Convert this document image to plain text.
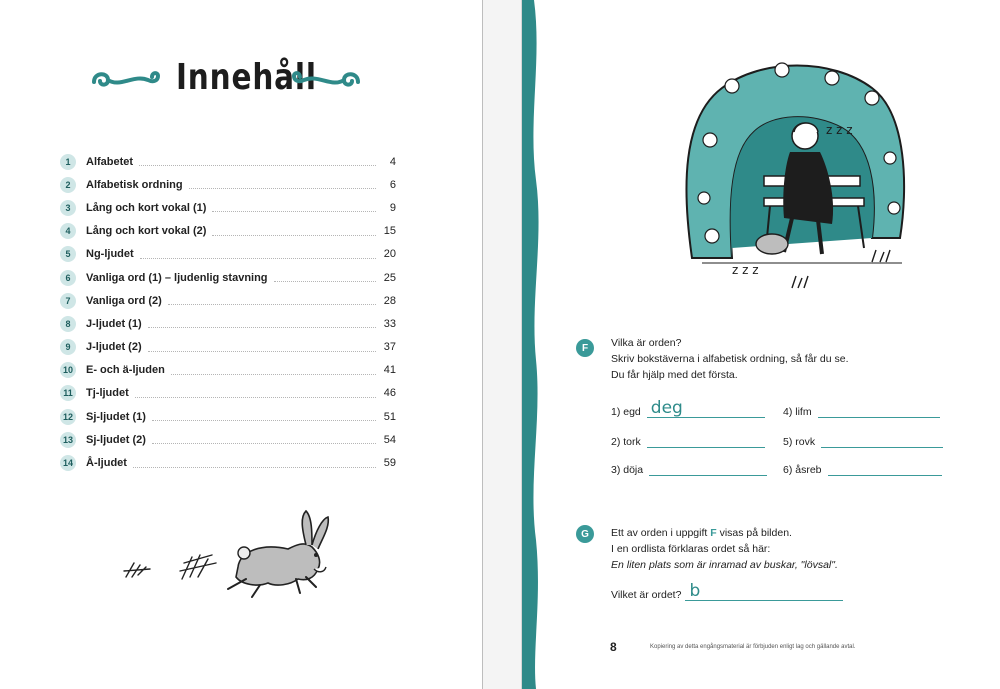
Innehåll
1	Alfabetet	4
2	Alfabetisk ordning	6
3	Lång och kort vokal (1)	9
4	Lång och kort vokal (2)	15
5	Ng-ljudet	20
6	Vanliga ord (1) – ljudenlig stavning	25
7	Vanliga ord (2)	28
8	J-ljudet (1)	33
9	J-ljudet (2)	37
10 E- och ä-ljuden	41
11 Tj-ljudet	46
12 Sj-ljudet (1)	51
13 Sj-ljudet (2)	54
14 Å-ljudet	59
z z z
z z z
F	Vilka är orden?
Skriv bokstäverna i alfabetisk ordning, så får du se.
Du får hjälp med det första.
1) egd deg
2) tork
3) döja
4) lifm
5) rovk
6) åsreb
G	Ett av orden i uppgift F visas på bilden.
I en ordlista förklaras ordet så här:
En liten plats som är inramad av buskar, "lövsal".
Vilket är ordet? b
8	Kopiering av detta engångsmaterial är förbjuden enligt lag och gällande avtal.
